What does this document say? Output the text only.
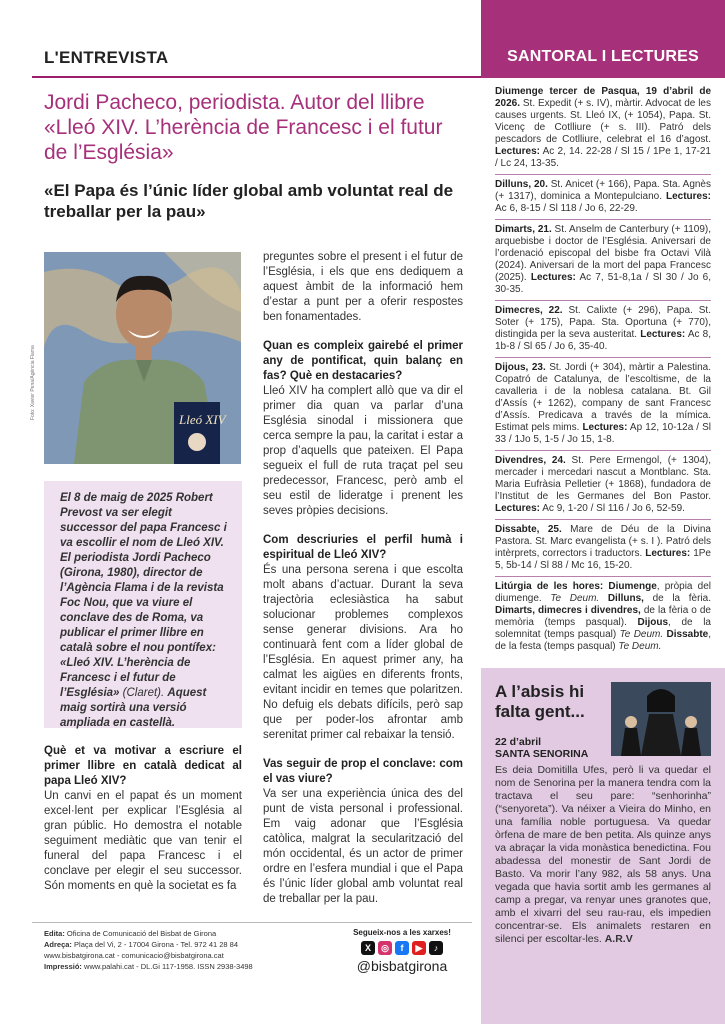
L'ENTREVISTA
Jordi Pacheco, periodista. Autor del llibre «Lleó XIV. L’herència de Francesc i el futur de l’Església»
«El Papa és l’únic líder global amb voluntat real de treballar per la pau»
Lleó XIV
Foto: Xavier Pena/Agència Flama
El 8 de maig de 2025 Robert Prevost va ser elegit successor del papa Francesc i va escollir el nom de Lleó XIV. El periodista Jordi Pacheco (Girona, 1980), director de l’Agència Flama i de la revista Foc Nou, que va viure el conclave des de Roma, va publicar el primer llibre en català sobre el nou pontífex: «Lleó XIV. L’herència de Francesc i el futur de l’Església» (Claret). Aquest maig sortirà una versió ampliada en castellà.

Què et va motivar a escriure el primer llibre en català dedicat al papa Lleó XIV?

Un canvi en el papat és un moment excel·lent per explicar l’Església al gran públic. Ho demostra el notable seguiment mediàtic que van tenir el funeral del papa Francesc i el conclave per elegir el seu successor. Són moments en què la societat es fa

preguntes sobre el present i el futur de l’Església, i els que ens dediquem a aquest àmbit de la informació hem d’estar a punt per a oferir respostes ben fonamentades.

Quan es compleix gairebé el primer any de pontificat, quin balanç en fas? Què en destacaries?

Lleó XIV ha complert allò que va dir el primer dia quan va parlar d’una Església sinodal i missionera que cerca sempre la pau, la caritat i estar a prop d’aquells que pateixen. El Papa segueix el full de ruta traçat pel seu predecessor, Francesc, però amb el seu estil de lideratge i prenent les seves pròpies decisions.

Com descriuries el perfil humà i espiritual de Lleó XIV?

És una persona serena i que escolta molt abans d’actuar. Durant la seva trajectòria eclesiàstica ha sabut solucionar problemes complexos sense generar divisions. Ara ho continuarà fent com a líder global de l’Església. En aquest primer any, ha calmat les aigües en diferents fronts, evitant incidir en temes que polaritzen. No defuig els debats difícils, però sap que per poder-los afrontar amb serenitat primer cal rebaixar la tensió.

Vas seguir de prop el conclave: com el vas viure?

Va ser una experiència única des del punt de vista personal i professional. Em vaig adonar que l’Església catòlica, malgrat la secularització del món occidental, és un actor de primer ordre en l’esfera mundial i que el Papa és l’únic líder global amb voluntat real de treballar per la pau.

Edita: Oficina de Comunicació del Bisbat de Girona
Adreça: Plaça del Vi, 2 - 17004 Girona - Tel. 972 41 28 84
www.bisbatgirona.cat - comunicacio@bisbatgirona.cat
Impressió: www.palahi.cat - DL.Gi 117-1958. ISSN 2938-3498
Segueix-nos a les xarxes!
X	◎	f	▶	♪
@bisbatgirona
SANTORAL I LECTURES
Diumenge tercer de Pasqua, 19 d’abril de 2026. St. Expedit (+ s. IV), màrtir. Advocat de les causes urgents. St. Lleó IX, (+ 1054), Papa. St. Vicenç de Cotlliure (+ s. III). Patró dels pescadors de Cotlliure, celebrat el 16 d’agost. Lectures: Ac 2, 14. 22-28 / Sl 15 / 1Pe 1, 17-21 / Lc 24, 13-35.
Dilluns, 20. St. Anicet (+ 166), Papa. Sta. Agnès (+ 1317), dominica a Montepulciano. Lectures: Ac 6, 8-15 / Sl 118 / Jo 6, 22-29.
Dimarts, 21. St. Anselm de Canterbury (+ 1109), arquebisbe i doctor de l’Església. Aniversari de l’ordenació episcopal del bisbe fra Octavi Vilà (2024). Aniversari de la mort del papa Francesc (2025). Lectures: Ac 7, 51-8,1a / Sl 30 / Jo 6, 30-35.
Dimecres, 22. St. Calixte (+ 296), Papa. St. Soter (+ 175), Papa. Sta. Oportuna (+ 770), distingida per la seva austeritat. Lectures: Ac 8, 1b-8 / Sl 65 / Jo 6, 35-40.
Dijous, 23. St. Jordi (+ 304), màrtir a Palestina. Copatró de Catalunya, de l’escoltisme, de la cavalleria i de la noblesa catalana. Bt. Gil d’Assís (+ 1262), company de sant Francesc d’Assís. Predicava a través de la mímica. Estimat pels mims. Lectures: Ap 12, 10-12a / Sl 33 / 1Jo 5, 1-5 / Jo 15, 1-8.
Divendres, 24. St. Pere Ermengol, (+ 1304), mercader i mercedari nascut a Montblanc. Sta. Maria Eufràsia Pelletier (+ 1868), fundadora de l’Institut de les Germanes del Bon Pastor. Lectures: Ac 9, 1-20 / Sl 116 / Jo 6, 52-59.
Dissabte, 25. Mare de Déu de la Divina Pastora. St. Marc evangelista (+ s. I ). Patró dels intèrprets, correctors i traductors. Lectures: 1Pe 5, 5b-14 / Sl 88 / Mc 16, 15-20.
Litúrgia de les hores: Diumenge, pròpia del diumenge. Te Deum. Dilluns, de la fèria. Dimarts, dimecres i divendres, de la fèria o de memòria (temps pasqual). Dijous, de la solemnitat (temps pasqual) Te Deum. Dissabte, de la festa (temps pasqual) Te Deum.
A l’absis hi falta gent...
22 d’abril
SANTA SENORINA
Es deia Domitilla Ufes, però li va quedar el nom de Senorina per la manera tendra com la tractava el seu pare: “senhorinha” (“senyoreta”). Va néixer a Vieira do Minho, en una família noble portuguesa. Va quedar òrfena de mare de ben petita. Als quinze anys va abraçar la vida monàstica benedictina. Fou abadessa del monestir de Sant Jordi de Basto. Va morir l’any 982, als 58 anys. Una vegada que havia sortit amb les germanes al camp a pregar, va renyar unes granotes que, amb el xivarri del seu rau-rau, els impedien concentrar-se. Els animalets restaren en silenci per escoltar-les. A.R.V
